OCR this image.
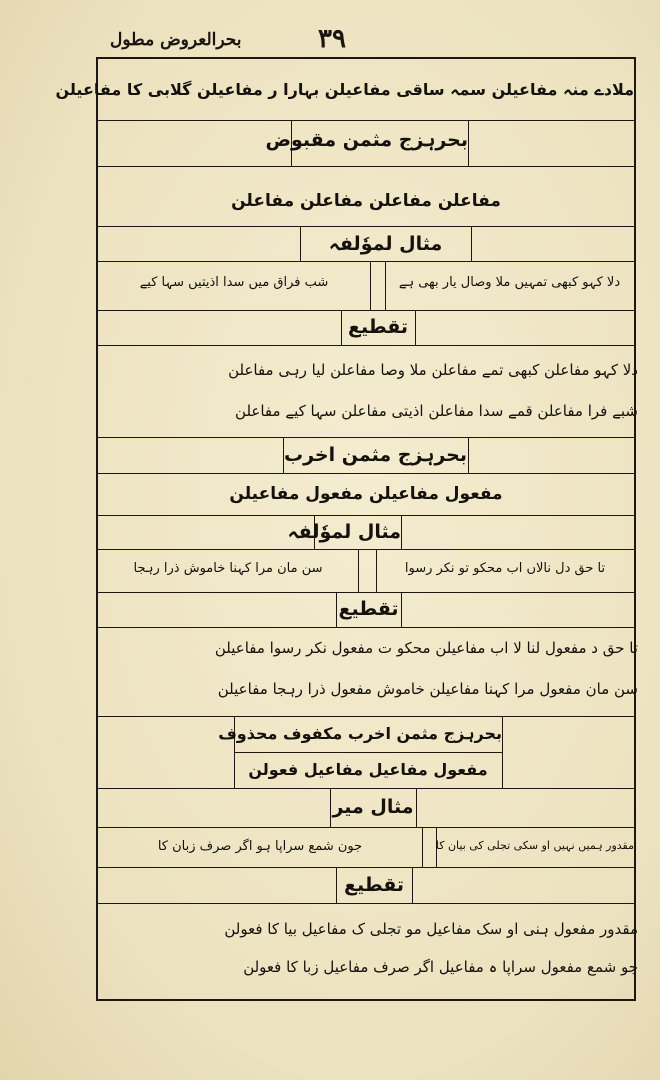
بحرالعروض مطول	۳۹
ملادے منہ مفاعیلن سمہ ساقی مفاعیلن بہارا ر مفاعیلن گلابی کا مفاعیلن
بحرہزج مثمن مقبوض
مفاعلن مفاعلن مفاعلن مفاعلن
مثال لموٗلفہ
دلا کہو کبھی تمہیں ملا وصال یار بھی ہے
شب فراق میں سدا اذیتیں سہا کیے
تقطیع
دلا کہو مفاعلن کبھی تمے مفاعلن ملا وصا مفاعلن لیا رہی مفاعلن
شبے فرا مفاعلن قمے سدا مفاعلن اذیتی مفاعلن سہا کیے مفاعلن
بحرہزج مثمن اخرب
مفعول مفاعیلن مفعول مفاعیلن
مثال لموٗلفہ
تا حق دل نالاں اب محکو تو نکر رسوا
سن مان مرا کہنا خاموش ذرا رہجا
تقطیع
تا حق د مفعول لنا لا اب مفاعیلن محکو ت مفعول نکر رسوا مفاعیلن
سن مان مفعول مرا کہنا مفاعیلن خاموش مفعول ذرا رہجا مفاعیلن
بحرہزج مثمن اخرب مکفوف محذوف
مفعول مفاعیل مفاعیل فعولن
مثال میر
مقدور ہمیں نہیں او سکی تجلی کی بیان کا
جون شمع سراپا ہو اگر صرف زبان کا
تقطیع
مقدور مفعول ہنی او سک مفاعیل مو تجلی ک مفاعیل بیا کا فعولن
جو شمع مفعول سراپا ہ مفاعیل اگر صرف مفاعیل زبا کا فعولن
